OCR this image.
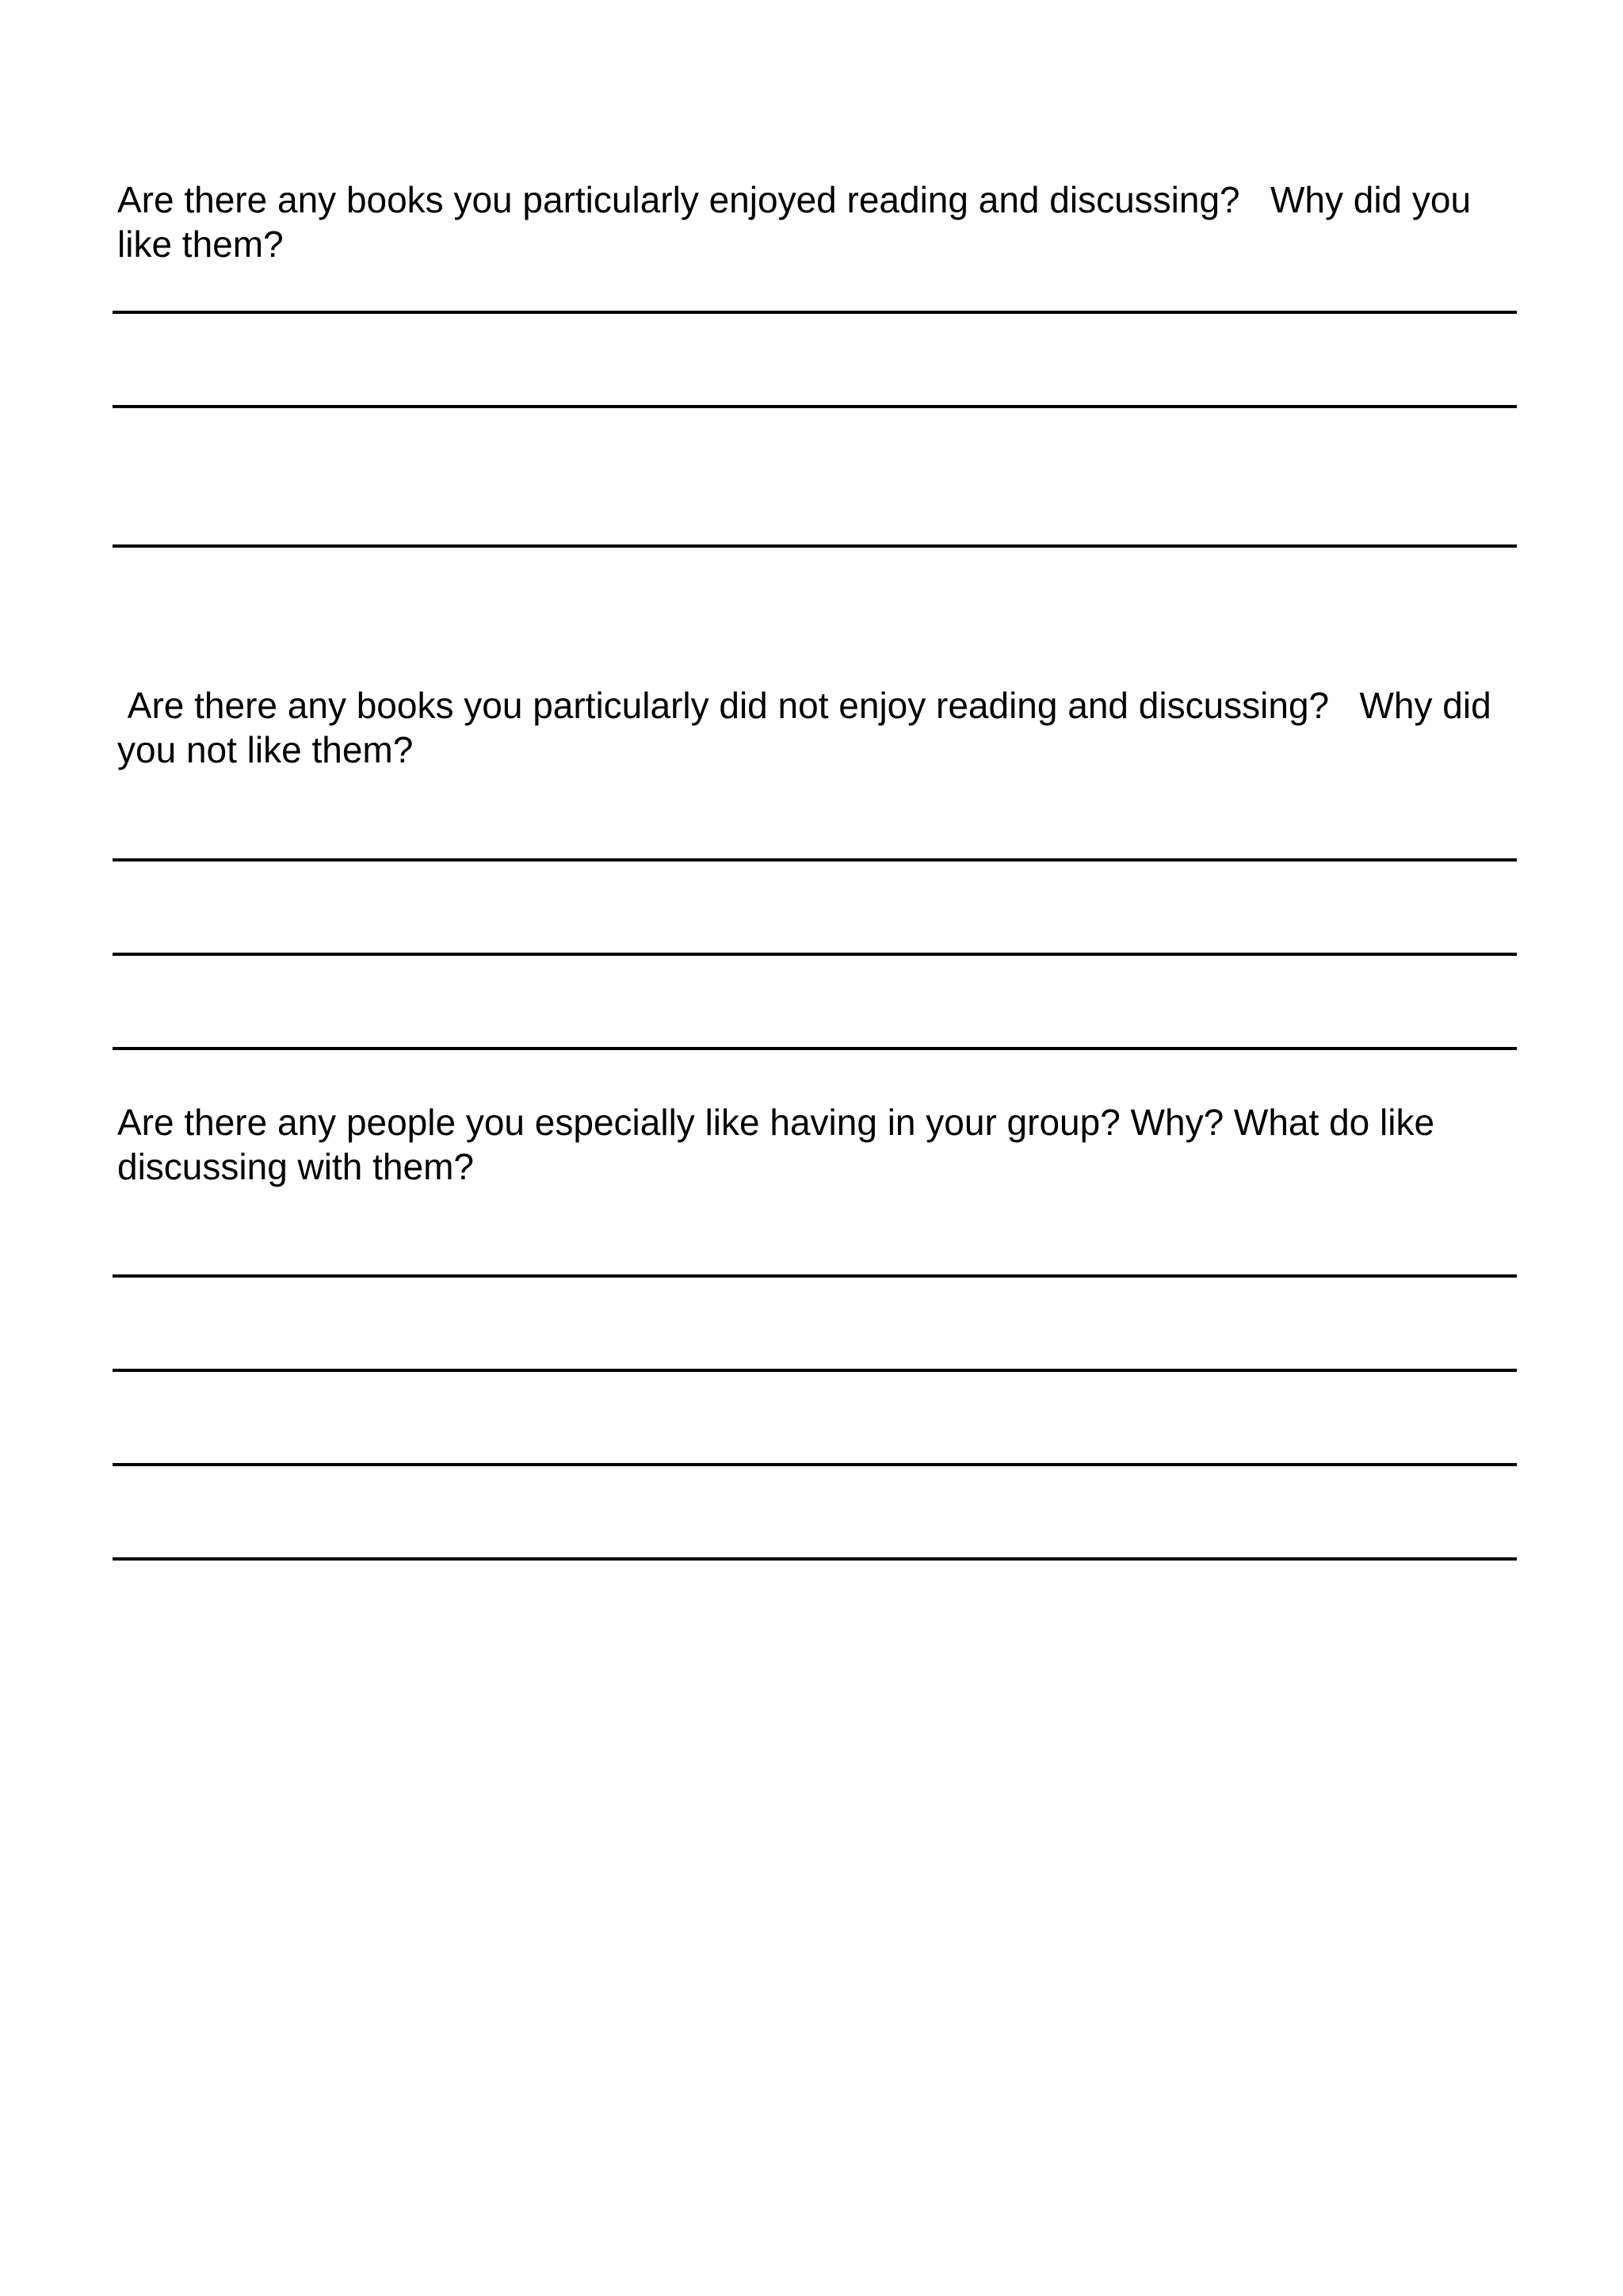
Are there any books you particularly enjoyed reading and discussing?   Why did you like them?

Are there any books you particularly did not enjoy reading and discussing?   Why did you not like them?

Are there any people you especially like having in your group? Why? What do like discussing with them?
